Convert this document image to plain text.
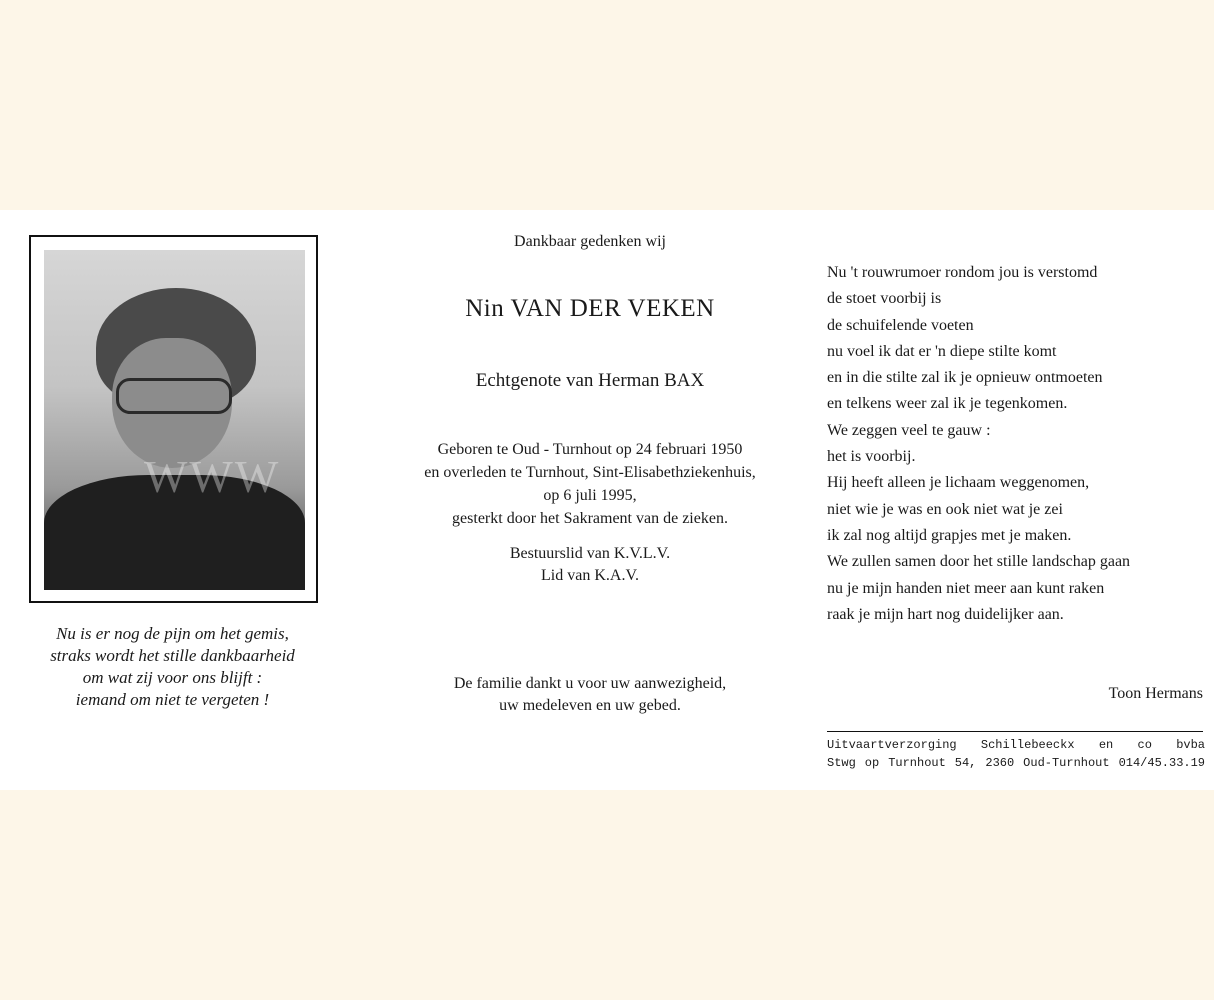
WWW
Nu is er nog de pijn om het gemis,
straks wordt het stille dankbaarheid
om wat zij voor ons blijft :
iemand om niet te vergeten !
Dankbaar gedenken wij
Nin VAN DER VEKEN
Echtgenote van Herman BAX
Geboren te Oud - Turnhout op 24 februari 1950
en overleden te Turnhout, Sint-Elisabethziekenhuis,
op 6 juli 1995,
gesterkt door het Sakrament van de zieken.
Bestuurslid van K.V.L.V.
Lid van K.A.V.
De familie dankt u voor uw aanwezigheid,
uw medeleven en uw gebed.
Nu 't rouwrumoer rondom jou is verstomd
de stoet voorbij is
de schuifelende voeten
nu voel ik dat er 'n diepe stilte komt
en in die stilte zal ik je opnieuw ontmoeten
en telkens weer zal ik je tegenkomen.
We zeggen veel te gauw :
het is voorbij.
Hij heeft alleen je lichaam weggenomen,
niet wie je was en ook niet wat je zei
ik zal nog altijd grapjes met je maken.
We zullen samen door het stille landschap gaan
nu je mijn handen niet meer aan kunt raken
raak je mijn hart nog duidelijker aan.
Toon Hermans
Uitvaartverzorging Schillebeeckx en co bvba
Stwg op Turnhout 54, 2360 Oud-Turnhout 014/45.33.19
